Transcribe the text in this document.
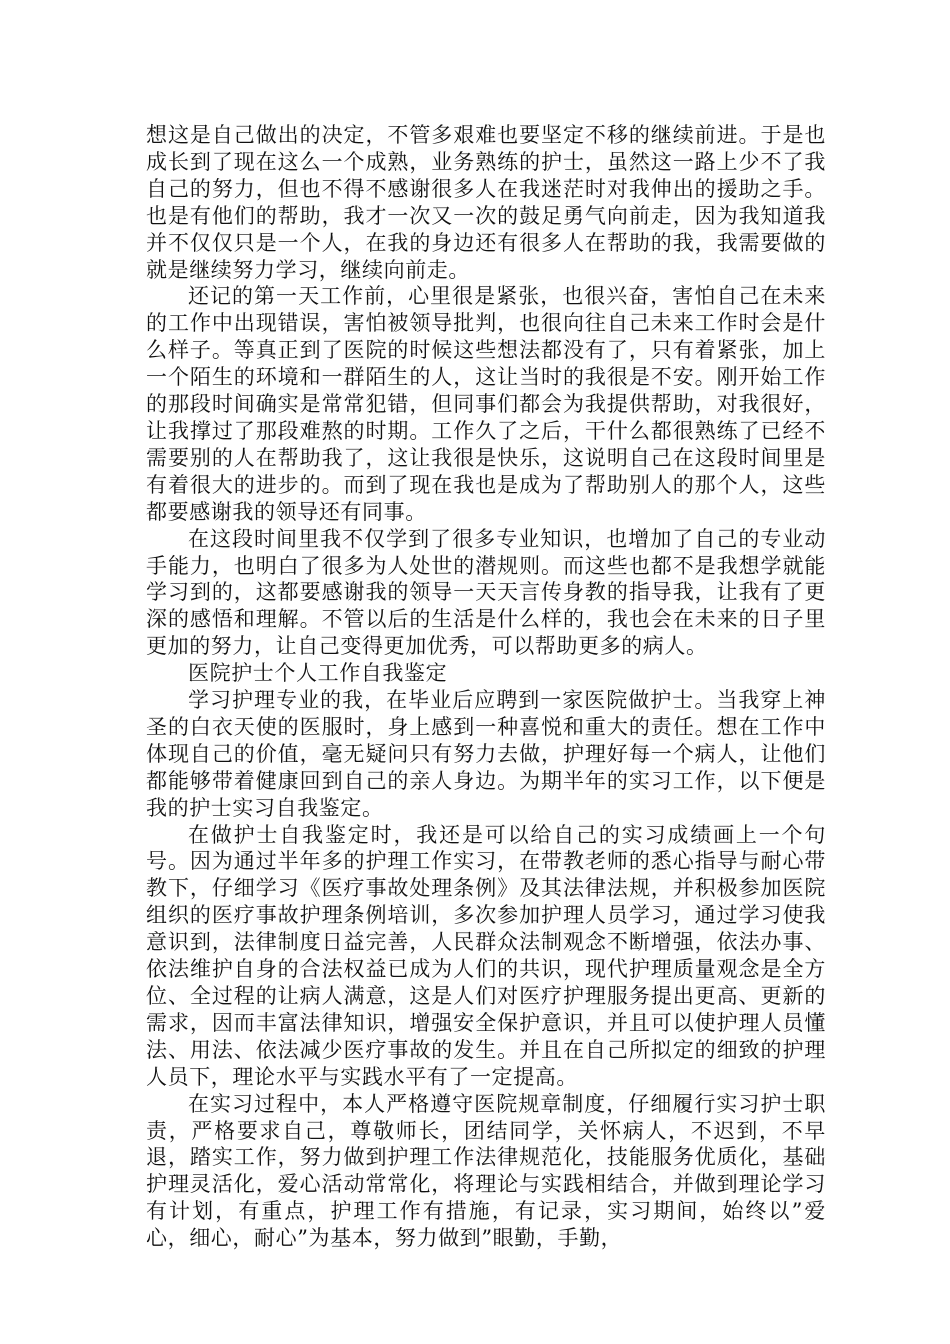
想这是自己做出的决定，不管多艰难也要坚定不移的继续前进。于是也成长到了现在这么一个成熟，业务熟练的护士，虽然这一路上少不了我自己的努力，但也不得不感谢很多人在我迷茫时对我伸出的援助之手。也是有他们的帮助，我才一次又一次的鼓足勇气向前走，因为我知道我并不仅仅只是一个人，在我的身边还有很多人在帮助的我，我需要做的就是继续努力学习，继续向前走。

还记的第一天工作前，心里很是紧张，也很兴奋，害怕自己在未来的工作中出现错误，害怕被领导批判，也很向往自己未来工作时会是什么样子。等真正到了医院的时候这些想法都没有了，只有着紧张，加上一个陌生的环境和一群陌生的人，这让当时的我很是不安。刚开始工作的那段时间确实是常常犯错，但同事们都会为我提供帮助，对我很好，让我撑过了那段难熬的时期。工作久了之后，干什么都很熟练了已经不需要别的人在帮助我了，这让我很是快乐，这说明自己在这段时间里是有着很大的进步的。而到了现在我也是成为了帮助别人的那个人，这些都要感谢我的领导还有同事。

在这段时间里我不仅学到了很多专业知识，也增加了自己的专业动手能力，也明白了很多为人处世的潜规则。而这些也都不是我想学就能学习到的，这都要感谢我的领导一天天言传身教的指导我，让我有了更深的感悟和理解。不管以后的生活是什么样的，我也会在未来的日子里更加的努力，让自己变得更加优秀，可以帮助更多的病人。

医院护士个人工作自我鉴定

学习护理专业的我，在毕业后应聘到一家医院做护士。当我穿上神圣的白衣天使的医服时，身上感到一种喜悦和重大的责任。想在工作中体现自己的价值，毫无疑问只有努力去做，护理好每一个病人，让他们都能够带着健康回到自己的亲人身边。为期半年的实习工作，以下便是我的护士实习自我鉴定。

在做护士自我鉴定时，我还是可以给自己的实习成绩画上一个句号。因为通过半年多的护理工作实习，在带教老师的悉心指导与耐心带教下，仔细学习《医疗事故处理条例》及其法律法规，并积极参加医院组织的医疗事故护理条例培训，多次参加护理人员学习，通过学习使我意识到，法律制度日益完善，人民群众法制观念不断增强，依法办事、依法维护自身的合法权益已成为人们的共识，现代护理质量观念是全方位、全过程的让病人满意，这是人们对医疗护理服务提出更高、更新的需求，因而丰富法律知识，增强安全保护意识，并且可以使护理人员懂法、用法、依法减少医疗事故的发生。并且在自己所拟定的细致的护理人员下，理论水平与实践水平有了一定提高。

在实习过程中，本人严格遵守医院规章制度，仔细履行实习护士职责，严格要求自己，尊敬师长，团结同学，关怀病人，不迟到，不早退，踏实工作，努力做到护理工作法律规范化，技能服务优质化，基础护理灵活化，爱心活动常常化，将理论与实践相结合，并做到理论学习有计划，有重点，护理工作有措施，有记录，实习期间，始终以”爱心，细心，耐心”为基本，努力做到”眼勤，手勤，
